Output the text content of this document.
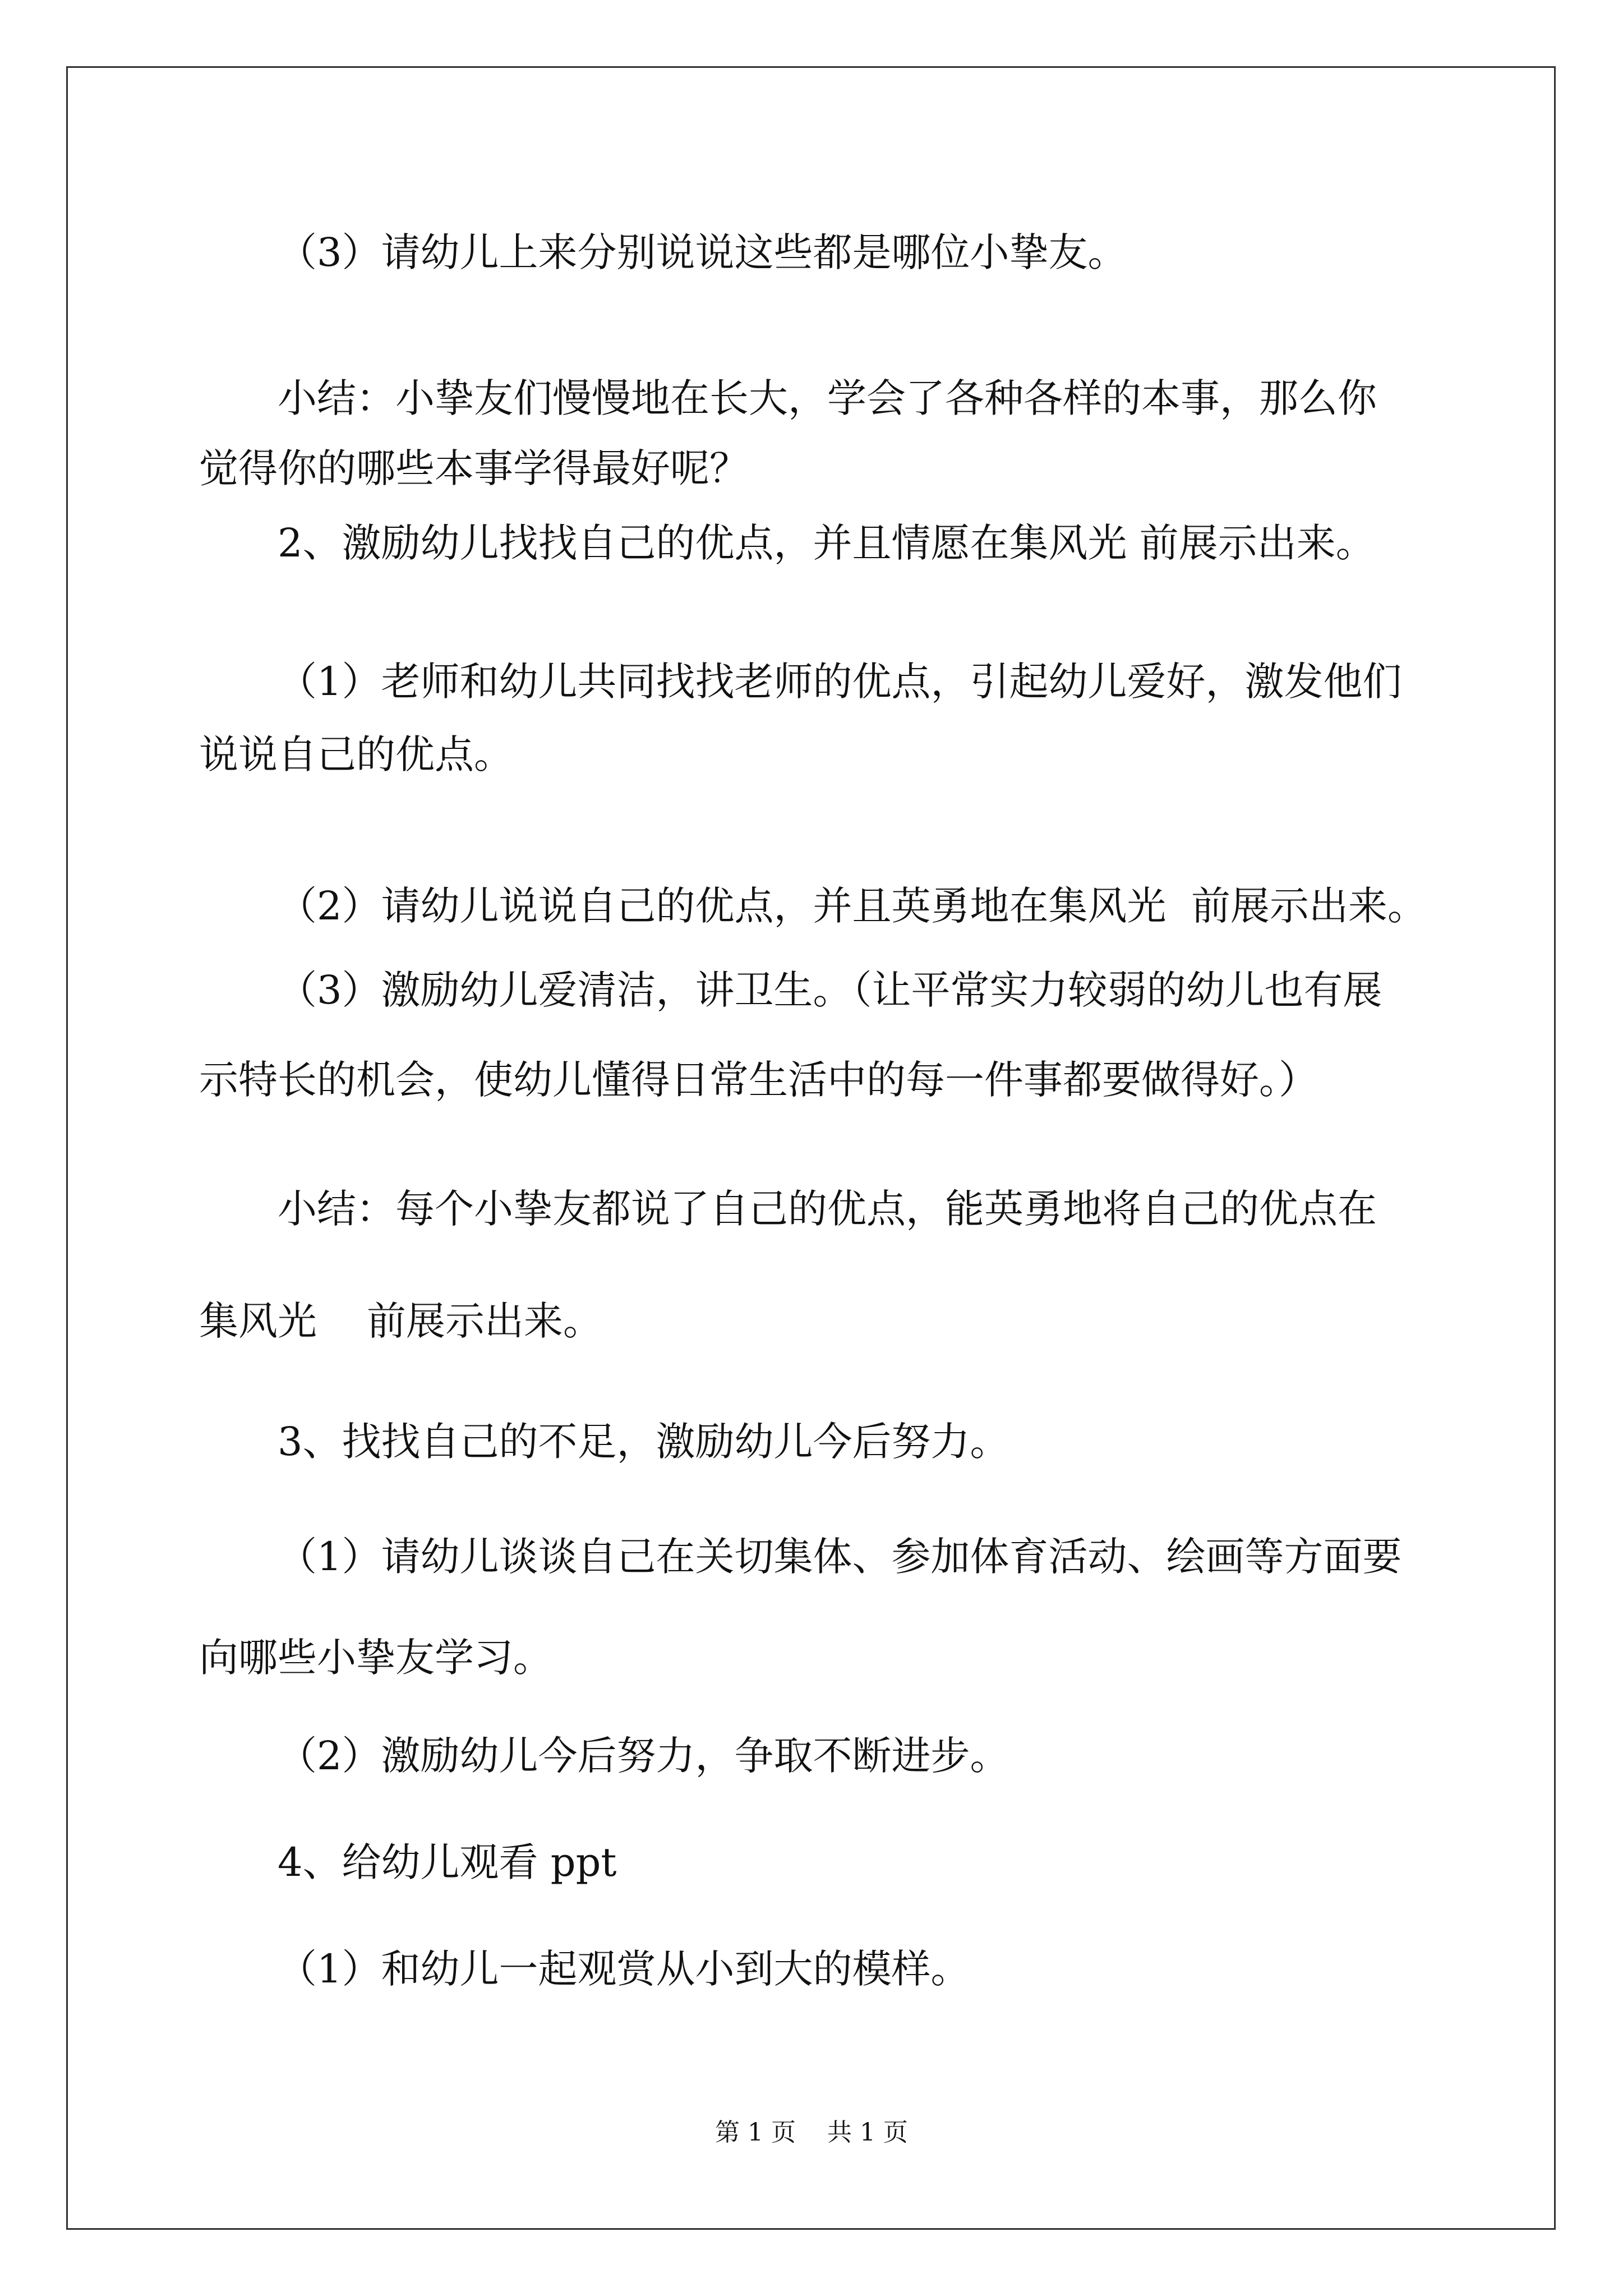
（3）请幼儿上来分别说说这些都是哪位小挚友。
小结：小挚友们慢慢地在长大，学会了各种各样的本事，那么你
觉得你的哪些本事学得最好呢？
2、激励幼儿找找自己的优点，并且情愿在集风光 前展示出来。
（1）老师和幼儿共同找找老师的优点，引起幼儿爱好，激发他们
说说自己的优点。
（2）请幼儿说说自己的优点，并且英勇地在集风光  前展示出来。
（3）激励幼儿爱清洁，讲卫生。（让平常实力较弱的幼儿也有展
示特长的机会，使幼儿懂得日常生活中的每一件事都要做得好。）
小结：每个小挚友都说了自己的优点，能英勇地将自己的优点在
集风光    前展示出来。
3、找找自己的不足，激励幼儿今后努力。
（1）请幼儿谈谈自己在关切集体、参加体育活动、绘画等方面要
向哪些小挚友学习。
（2）激励幼儿今后努力，争取不断进步。
4、给幼儿观看 ppt
（1）和幼儿一起观赏从小到大的模样。
第 1 页    共 1 页
